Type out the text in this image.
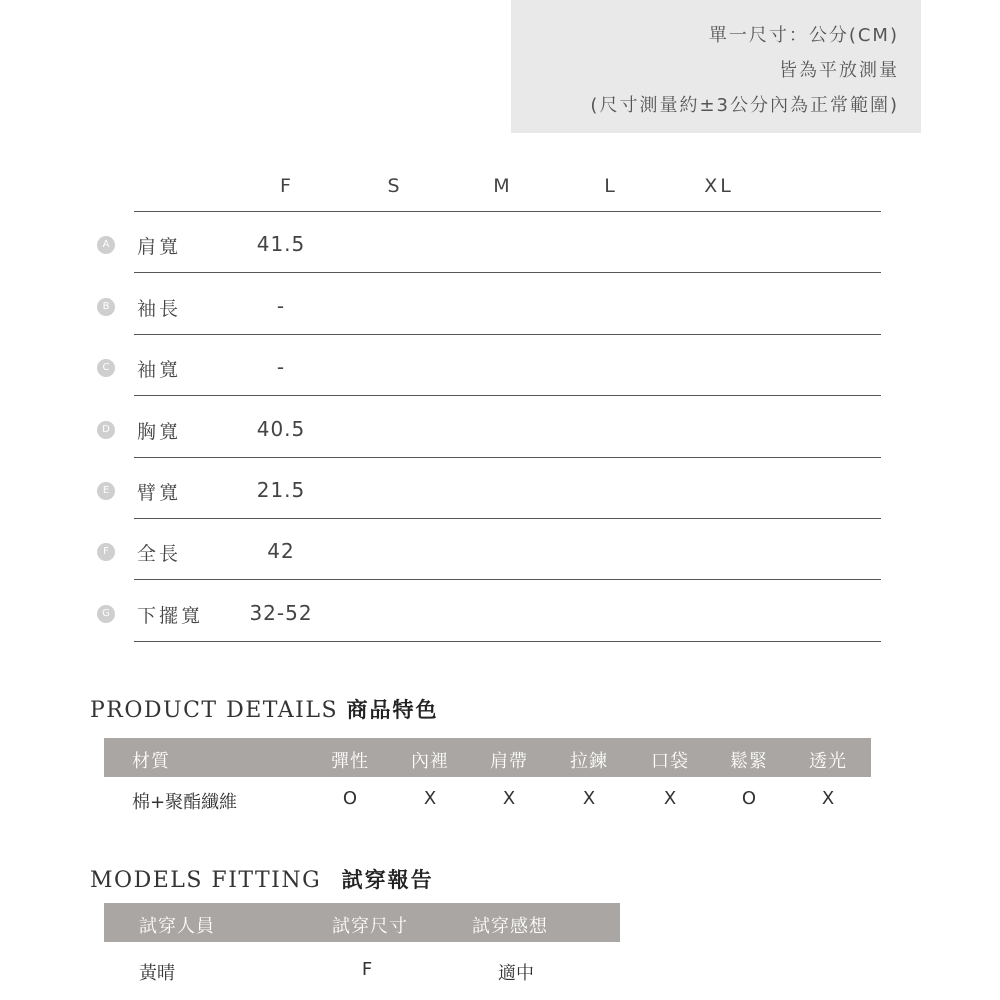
單一尺寸：公分(CM)
皆為平放測量
(尺寸測量約±3公分內為正常範圍)
F	S	M	L	XL
A 肩寬	41.5
B 袖長	-
C 袖寬	-
D 胸寬	40.5
E	臂寬	21.5
F	全長	42
G 下擺寬	32-52
PRODUCT DETAILS 商品特色
材質	彈性	內裡	肩帶	拉鍊	口袋	鬆緊	透光
棉+聚酯纖維	O	X	X	X	X	O	X
MODELS FITTING 試穿報告
試穿人員	試穿尺寸	試穿感想
黃晴	F	適中
